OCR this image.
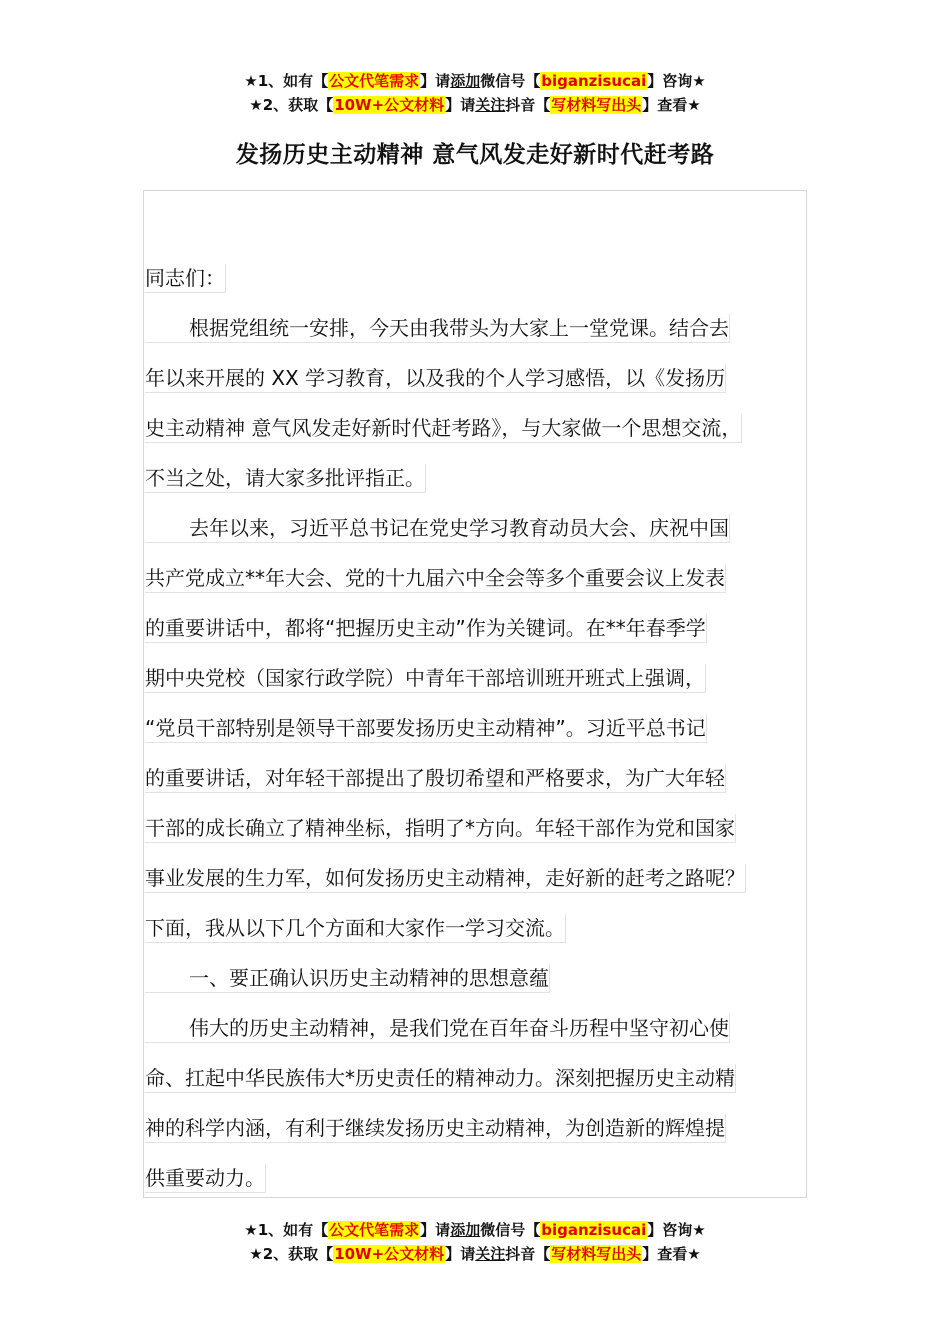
★1、如有【公文代笔需求】请添加微信号【biganzisucai】咨询★
★2、获取【10W+公文材料】请关注抖音【写材料写出头】查看★
发扬历史主动精神 意气风发走好新时代赶考路
同志们：
根据党组统一安排，今天由我带头为大家上一堂党课。结合去
年以来开展的 XX 学习教育，以及我的个人学习感悟，以《发扬历
史主动精神 意气风发走好新时代赶考路》，与大家做一个思想交流，
不当之处，请大家多批评指正。
去年以来，习近平总书记在党史学习教育动员大会、庆祝中国
共产党成立**年大会、党的十九届六中全会等多个重要会议上发表
的重要讲话中，都将“把握历史主动”作为关键词。在**年春季学
期中央党校（国家行政学院）中青年干部培训班开班式上强调，
“党员干部特别是领导干部要发扬历史主动精神”。习近平总书记
的重要讲话，对年轻干部提出了殷切希望和严格要求，为广大年轻
干部的成长确立了精神坐标，指明了*方向。年轻干部作为党和国家
事业发展的生力军，如何发扬历史主动精神，走好新的赶考之路呢？
下面，我从以下几个方面和大家作一学习交流。
一、要正确认识历史主动精神的思想意蕴
伟大的历史主动精神，是我们党在百年奋斗历程中坚守初心使
命、扛起中华民族伟大*历史责任的精神动力。深刻把握历史主动精
神的科学内涵，有利于继续发扬历史主动精神，为创造新的辉煌提
供重要动力。
★1、如有【公文代笔需求】请添加微信号【biganzisucai】咨询★
★2、获取【10W+公文材料】请关注抖音【写材料写出头】查看★
